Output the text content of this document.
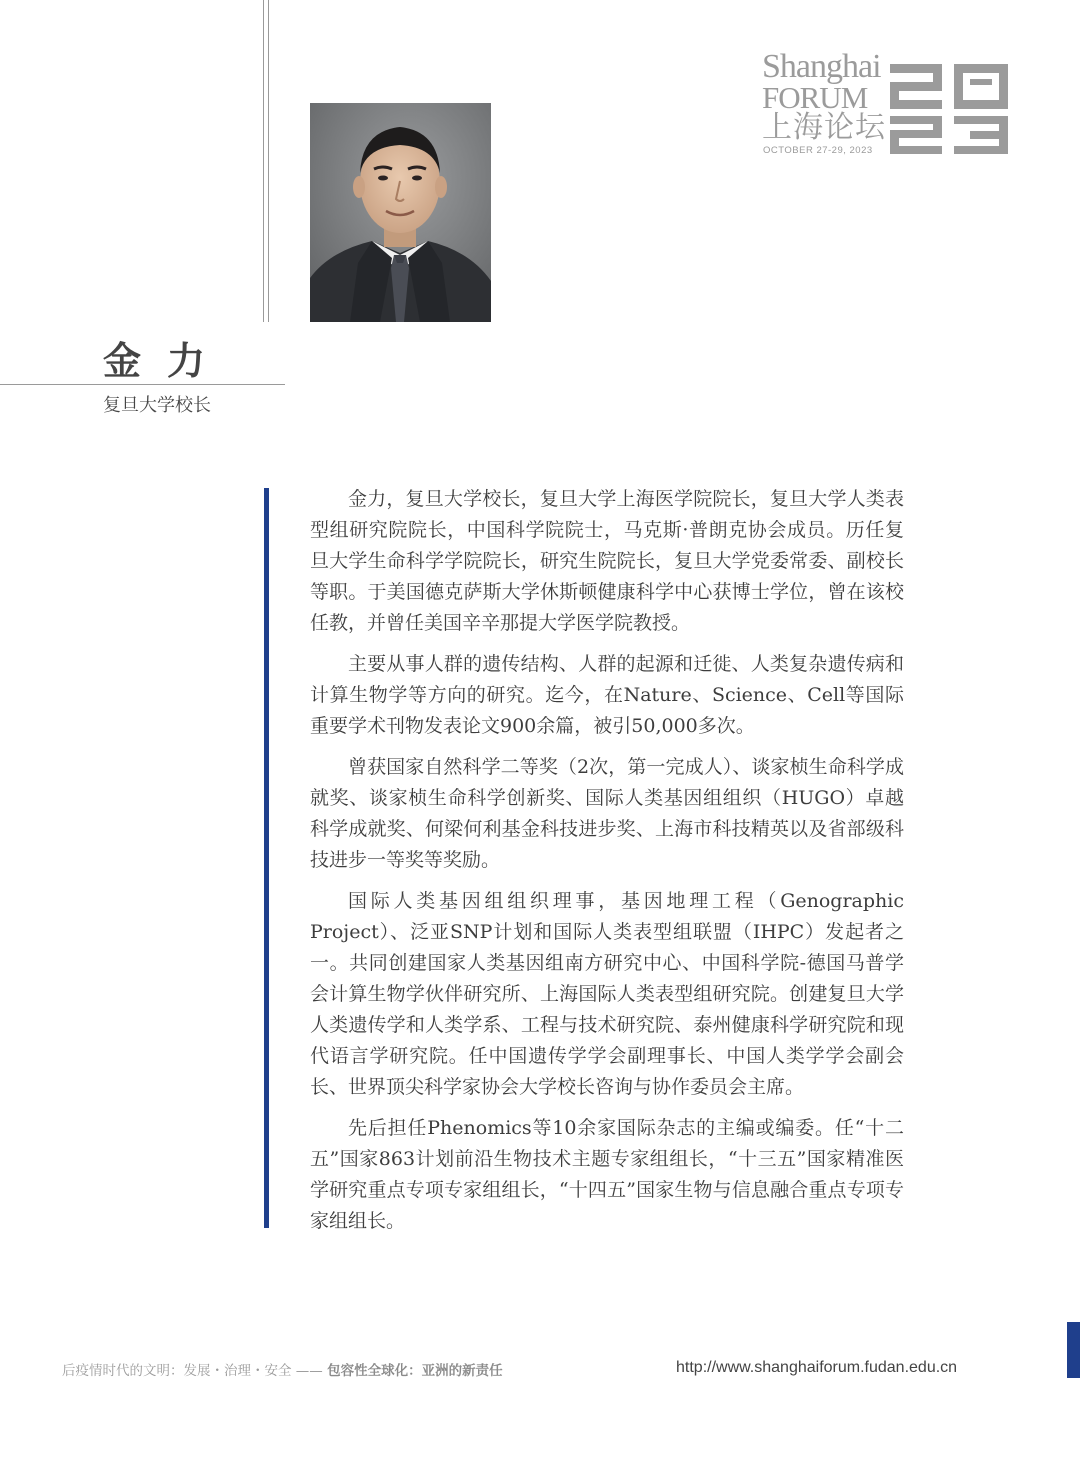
Shanghai
FORUM
上海论坛
OCTOBER 27-29, 2023
金力
复旦大学校长

金力，复旦大学校长，复旦大学上海医学院院长，复旦大学人类表型组研究院院长，中国科学院院士，马克斯·普朗克协会成员。历任复旦大学生命科学学院院长，研究生院院长，复旦大学党委常委、副校长等职。于美国德克萨斯大学休斯顿健康科学中心获博士学位，曾在该校任教，并曾任美国辛辛那提大学医学院教授。

主要从事人群的遗传结构、人群的起源和迁徙、人类复杂遗传病和计算生物学等方向的研究。迄今，在Nature、Science、Cell等国际重要学术刊物发表论文900余篇，被引50,000多次。

曾获国家自然科学二等奖（2次，第一完成人）、谈家桢生命科学成就奖、谈家桢生命科学创新奖、国际人类基因组组织（HUGO）卓越科学成就奖、何梁何利基金科技进步奖、上海市科技精英以及省部级科技进步一等奖等奖励。

国际人类基因组组织理事，基因地理工程（Genographic Project）、泛亚SNP计划和国际人类表型组联盟（IHPC）发起者之一。共同创建国家人类基因组南方研究中心、中国科学院-德国马普学会计算生物学伙伴研究所、上海国际人类表型组研究院。创建复旦大学人类遗传学和人类学系、工程与技术研究院、泰州健康科学研究院和现代语言学研究院。任中国遗传学学会副理事长、中国人类学学会副会长、世界顶尖科学家协会大学校长咨询与协作委员会主席。

先后担任Phenomics等10余家国际杂志的主编或编委。任“十二五”国家863计划前沿生物技术主题专家组组长，“十三五”国家精准医学研究重点专项专家组组长，“十四五”国家生物与信息融合重点专项专家组组长。

后疫情时代的文明：发展・治理・安全 —— 包容性全球化：亚洲的新责任	http://www.shanghaiforum.fudan.edu.cn
